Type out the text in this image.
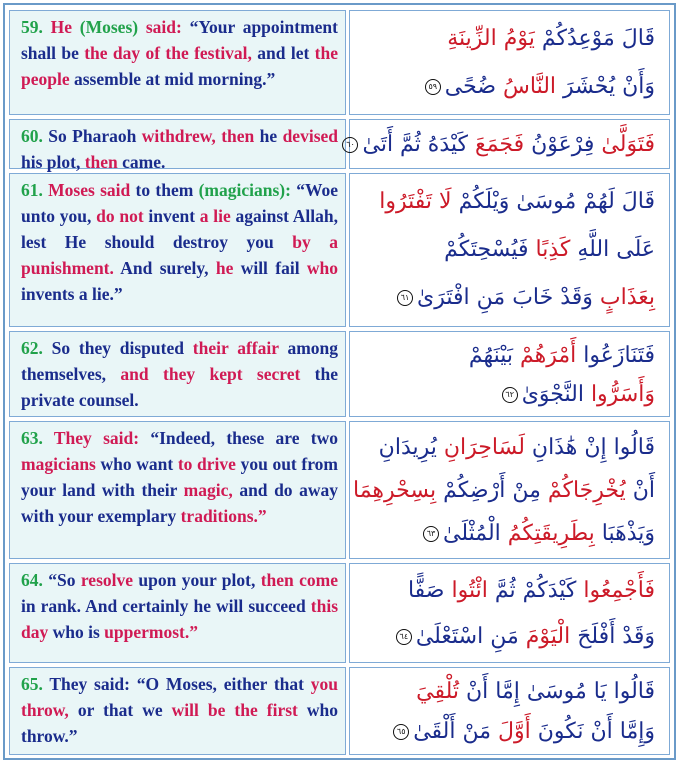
59. He (Moses) said: “Your appointment shall be the day of the festival, and let the people assemble at mid morning.”
قَالَ مَوْعِدُكُمْ يَوْمُ الزِّينَةِ
وَأَنْ يُحْشَرَ النَّاسُ ضُحًى٥٩
60. So Pharaoh withdrew, then he devised his plot, then came.
فَتَوَلَّىٰ فِرْعَوْنُ فَجَمَعَ كَيْدَهُ ثُمَّ أَتَىٰ٦٠
61. Moses said to them (magicians): “Woe unto you, do not invent a lie against Allah, lest He should destroy you by a punishment. And surely, he will fail who invents a lie.”
قَالَ لَهُمْ مُوسَىٰ وَيْلَكُمْ لَا تَفْتَرُوا
عَلَى اللَّهِ كَذِبًا فَيُسْحِتَكُمْ
بِعَذَابٍ وَقَدْ خَابَ مَنِ افْتَرَىٰ٦١
62. So they disputed their affair among themselves, and they kept secret the private counsel.
فَتَنَازَعُوا أَمْرَهُمْ بَيْنَهُمْ
وَأَسَرُّوا النَّجْوَىٰ٦٢
63. They said: “Indeed, these are two magicians who want to drive you out from your land with their magic, and do away with your exemplary traditions.”
قَالُوا إِنْ هَٰذَانِ لَسَاحِرَانِ يُرِيدَانِ
أَنْ يُخْرِجَاكُمْ مِنْ أَرْضِكُمْ بِسِحْرِهِمَا
وَيَذْهَبَا بِطَرِيقَتِكُمُ الْمُثْلَىٰ٦٣
64. “So resolve upon your plot, then come in rank. And certainly he will succeed this day who is uppermost.”
فَأَجْمِعُوا كَيْدَكُمْ ثُمَّ ائْتُوا صَفًّا
وَقَدْ أَفْلَحَ الْيَوْمَ مَنِ اسْتَعْلَىٰ٦٤
65. They said: “O Moses, either that you throw, or that we will be the first who throw.”
قَالُوا يَا مُوسَىٰ إِمَّا أَنْ تُلْقِيَ
وَإِمَّا أَنْ نَكُونَ أَوَّلَ مَنْ أَلْقَىٰ٦٥
